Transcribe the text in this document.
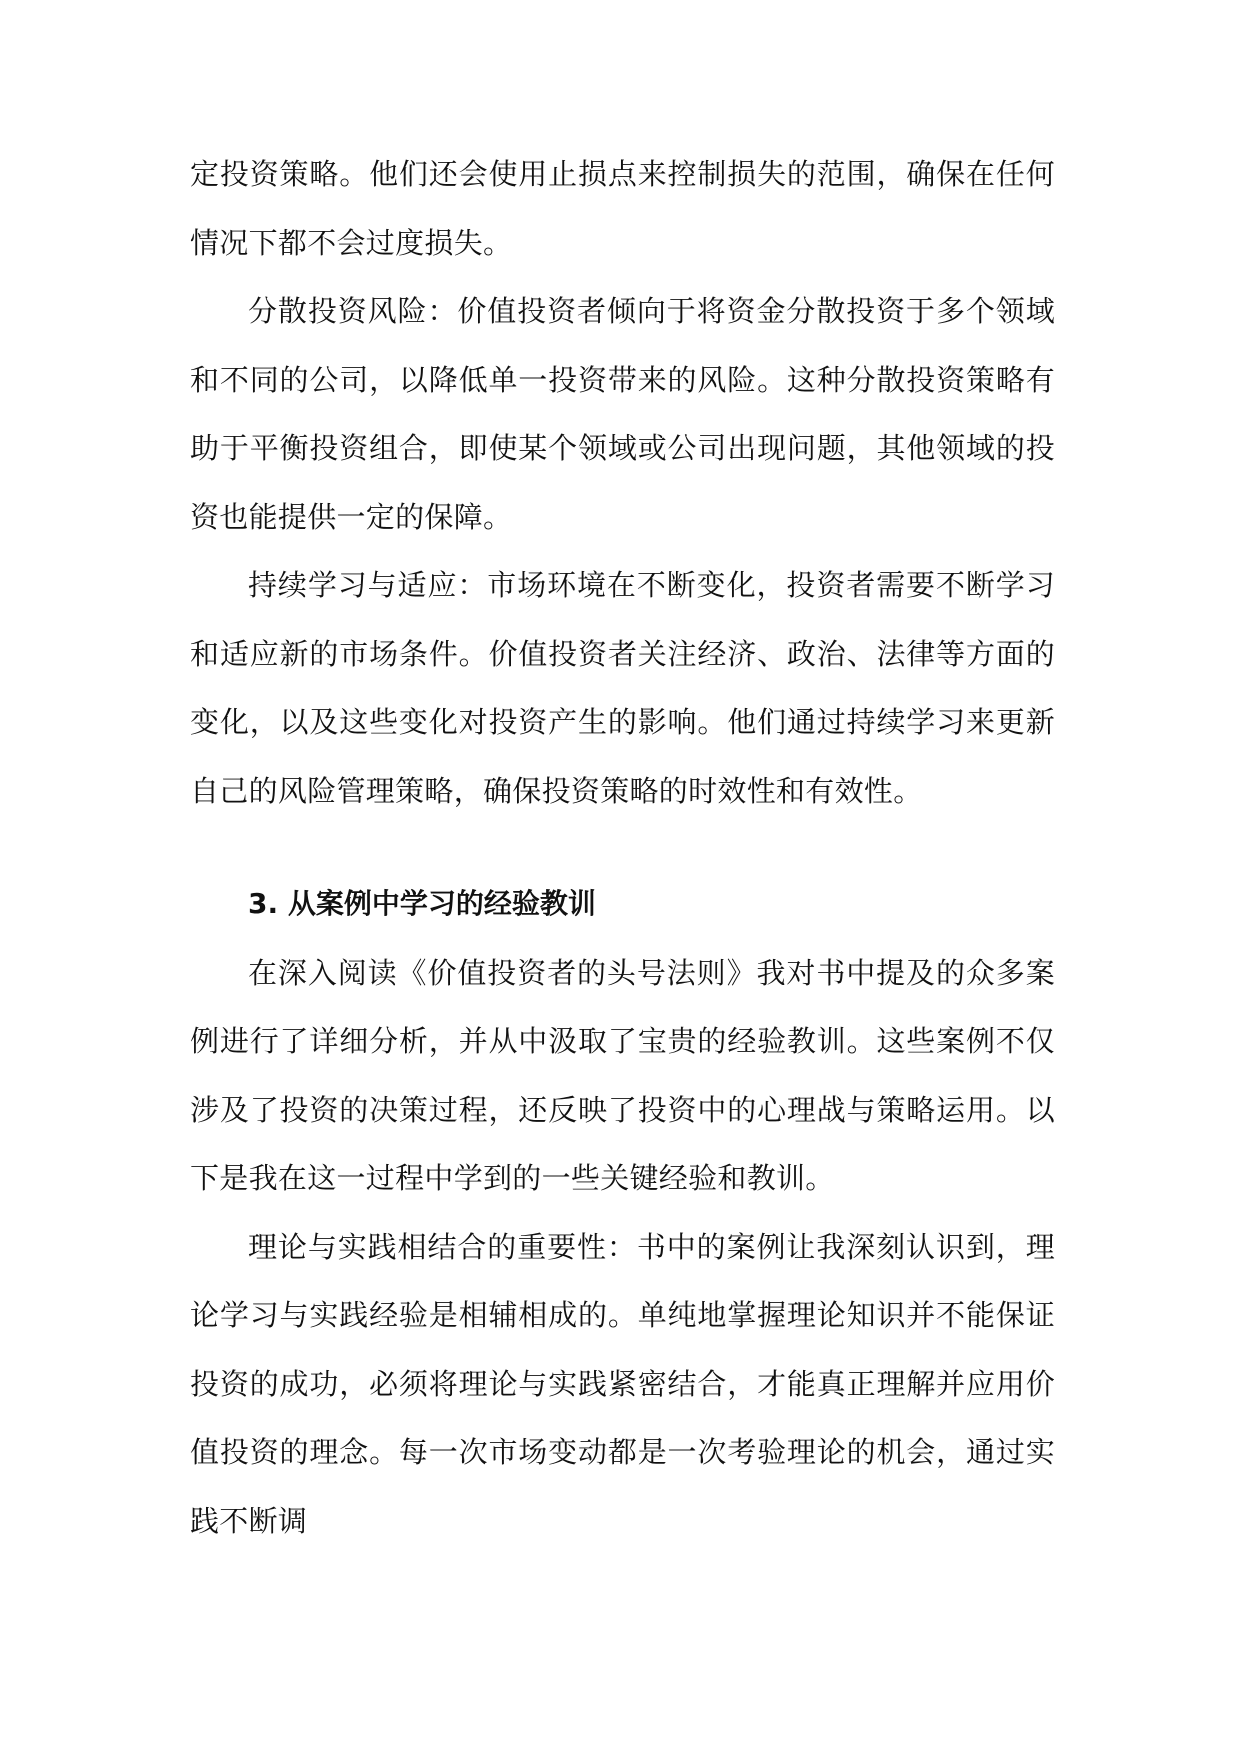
定投资策略。他们还会使用止损点来控制损失的范围，确保在任何情况下都不会过度损失。

分散投资风险：价值投资者倾向于将资金分散投资于多个领域和不同的公司，以降低单一投资带来的风险。这种分散投资策略有助于平衡投资组合，即使某个领域或公司出现问题，其他领域的投资也能提供一定的保障。

持续学习与适应：市场环境在不断变化，投资者需要不断学习和适应新的市场条件。价值投资者关注经济、政治、法律等方面的变化，以及这些变化对投资产生的影响。他们通过持续学习来更新自己的风险管理策略，确保投资策略的时效性和有效性。

3. 从案例中学习的经验教训

在深入阅读《价值投资者的头号法则》我对书中提及的众多案例进行了详细分析，并从中汲取了宝贵的经验教训。这些案例不仅涉及了投资的决策过程，还反映了投资中的心理战与策略运用。以下是我在这一过程中学到的一些关键经验和教训。

理论与实践相结合的重要性：书中的案例让我深刻认识到，理论学习与实践经验是相辅相成的。单纯地掌握理论知识并不能保证投资的成功，必须将理论与实践紧密结合，才能真正理解并应用价值投资的理念。每一次市场变动都是一次考验理论的机会，通过实践不断调
